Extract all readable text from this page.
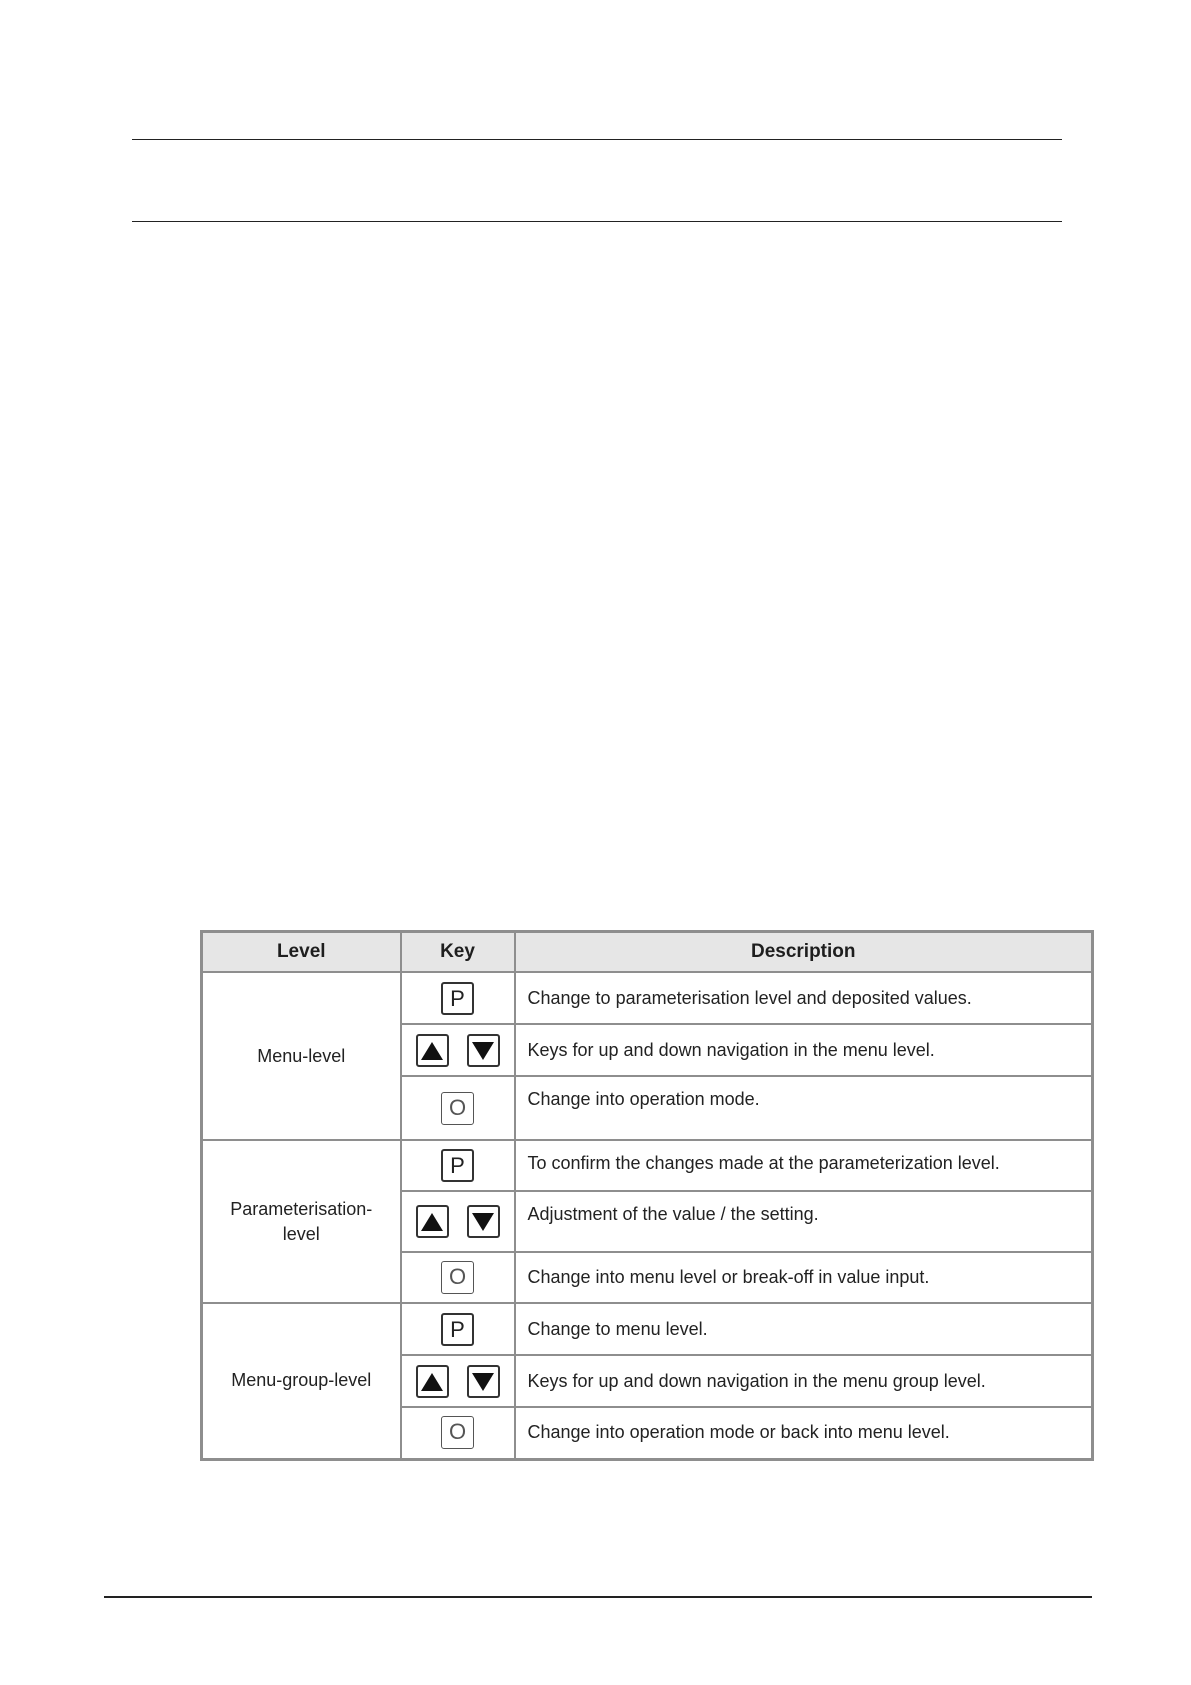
Level	Key	Description
Menu-level	P	Change to parameterisation level and deposited values.
		Keys for up and down navigation in the menu level.
	O	Change into operation mode.
Parameterisation-
level	P	To confirm the changes made at the parameterization level.
		Adjustment of the value / the setting.
	O	Change into menu level or break-off in value input.
Menu-group-level	P	Change to menu level.
		Keys for up and down navigation in the menu group level.
	O	Change into operation mode or back into menu level.
